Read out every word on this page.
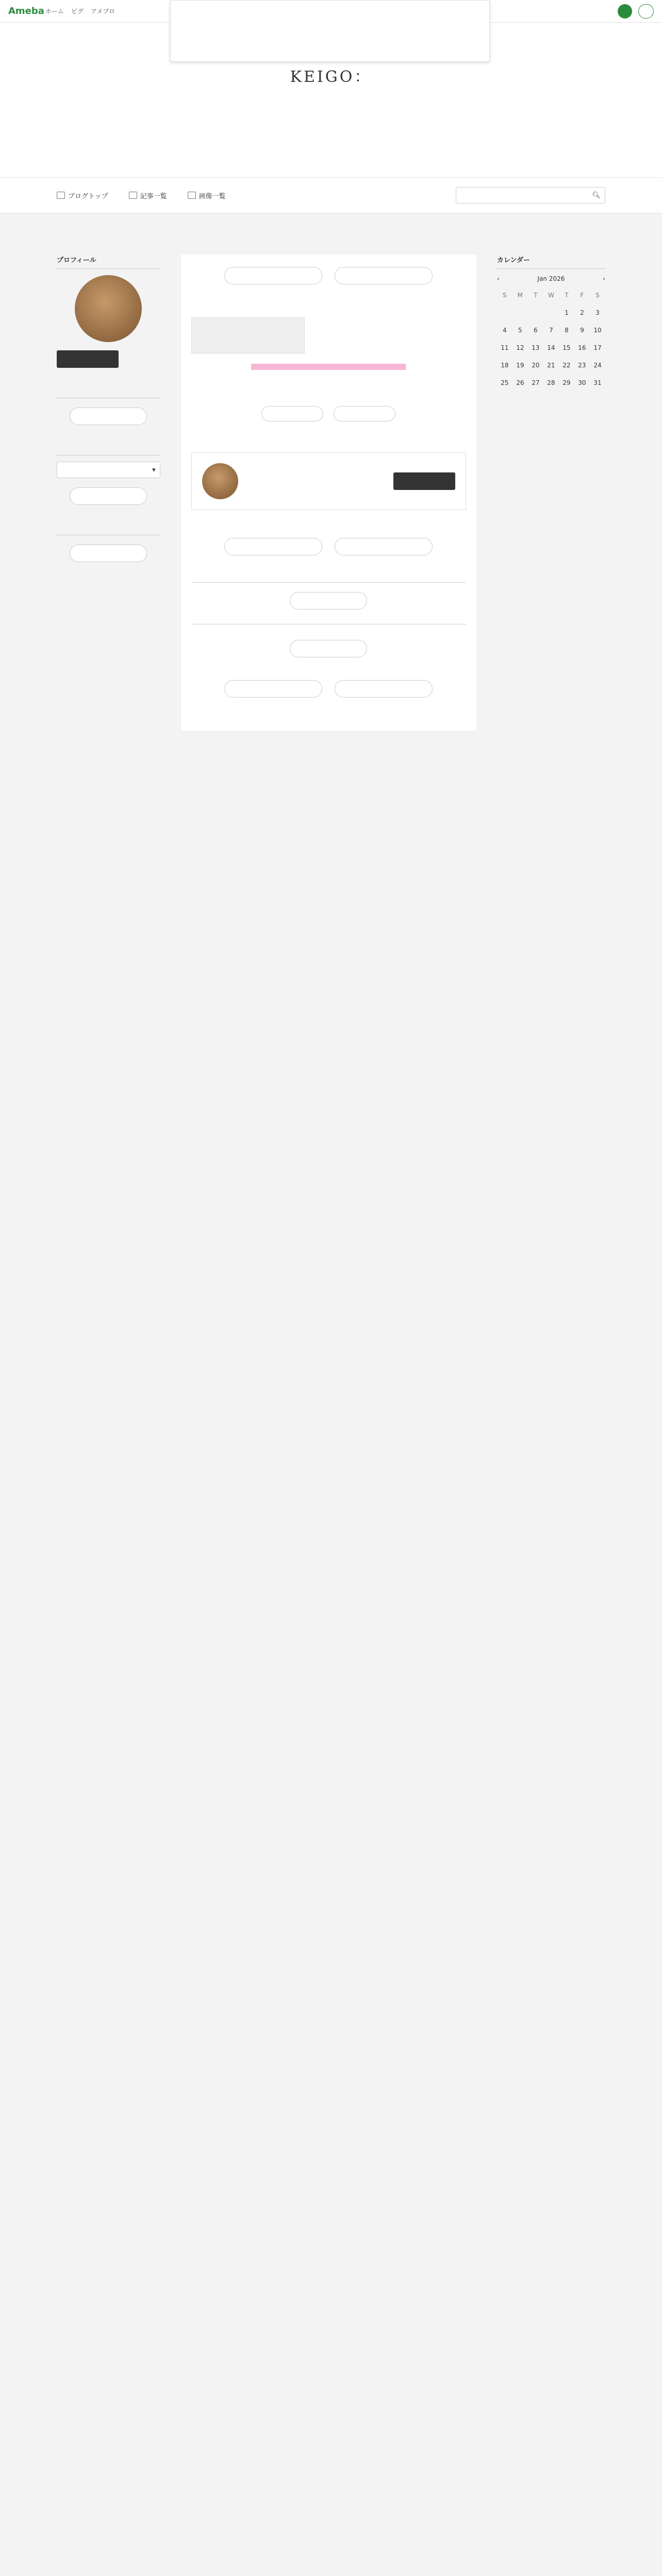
Ameba ホーム ピグ アメブロ
KEIGO：
ブログトップ	記事一覧	画像一覧	🔍︎
プロフィール
▾
カレンダー
‹	Jan 2026	›
S	M	T	W	T	F	S
				1	2	3
4	5	6	7	8	9	10
11	12	13	14	15	16	17
18	19	20	21	22	23	24
25	26	27	28	29	30	31
